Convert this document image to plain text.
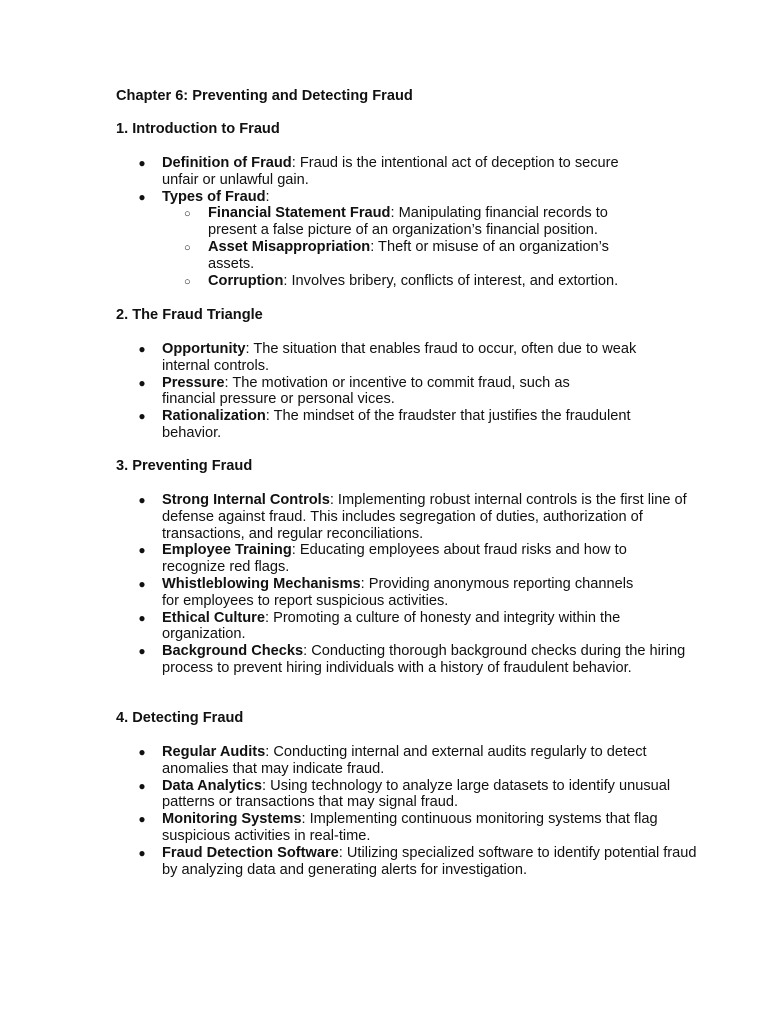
Chapter 6: Preventing and Detecting Fraud
1. Introduction to Fraud
● Definition of Fraud: Fraud is the intentional act of deception to secure unfair or unlawful gain.
● Types of Fraud:
○ Financial Statement Fraud: Manipulating financial records to present a false picture of an organization’s financial position.
○ Asset Misappropriation: Theft or misuse of an organization’s assets.
○ Corruption: Involves bribery, conflicts of interest, and extortion.
2. The Fraud Triangle
● Opportunity: The situation that enables fraud to occur, often due to weak internal controls.
● Pressure: The motivation or incentive to commit fraud, such as financial pressure or personal vices.
● Rationalization: The mindset of the fraudster that justifies the fraudulent behavior.
3. Preventing Fraud
● Strong Internal Controls: Implementing robust internal controls is the first line of defense against fraud. This includes segregation of duties, authorization of transactions, and regular reconciliations.
● Employee Training: Educating employees about fraud risks and how to recognize red flags.
● Whistleblowing Mechanisms: Providing anonymous reporting channels for employees to report suspicious activities.
● Ethical Culture: Promoting a culture of honesty and integrity within the organization.
● Background Checks: Conducting thorough background checks during the hiring process to prevent hiring individuals with a history of fraudulent behavior.
4. Detecting Fraud
● Regular Audits: Conducting internal and external audits regularly to detect anomalies that may indicate fraud.
● Data Analytics: Using technology to analyze large datasets to identify unusual patterns or transactions that may signal fraud.
● Monitoring Systems: Implementing continuous monitoring systems that flag suspicious activities in real-time.
● Fraud Detection Software: Utilizing specialized software to identify potential fraud by analyzing data and generating alerts for investigation.
